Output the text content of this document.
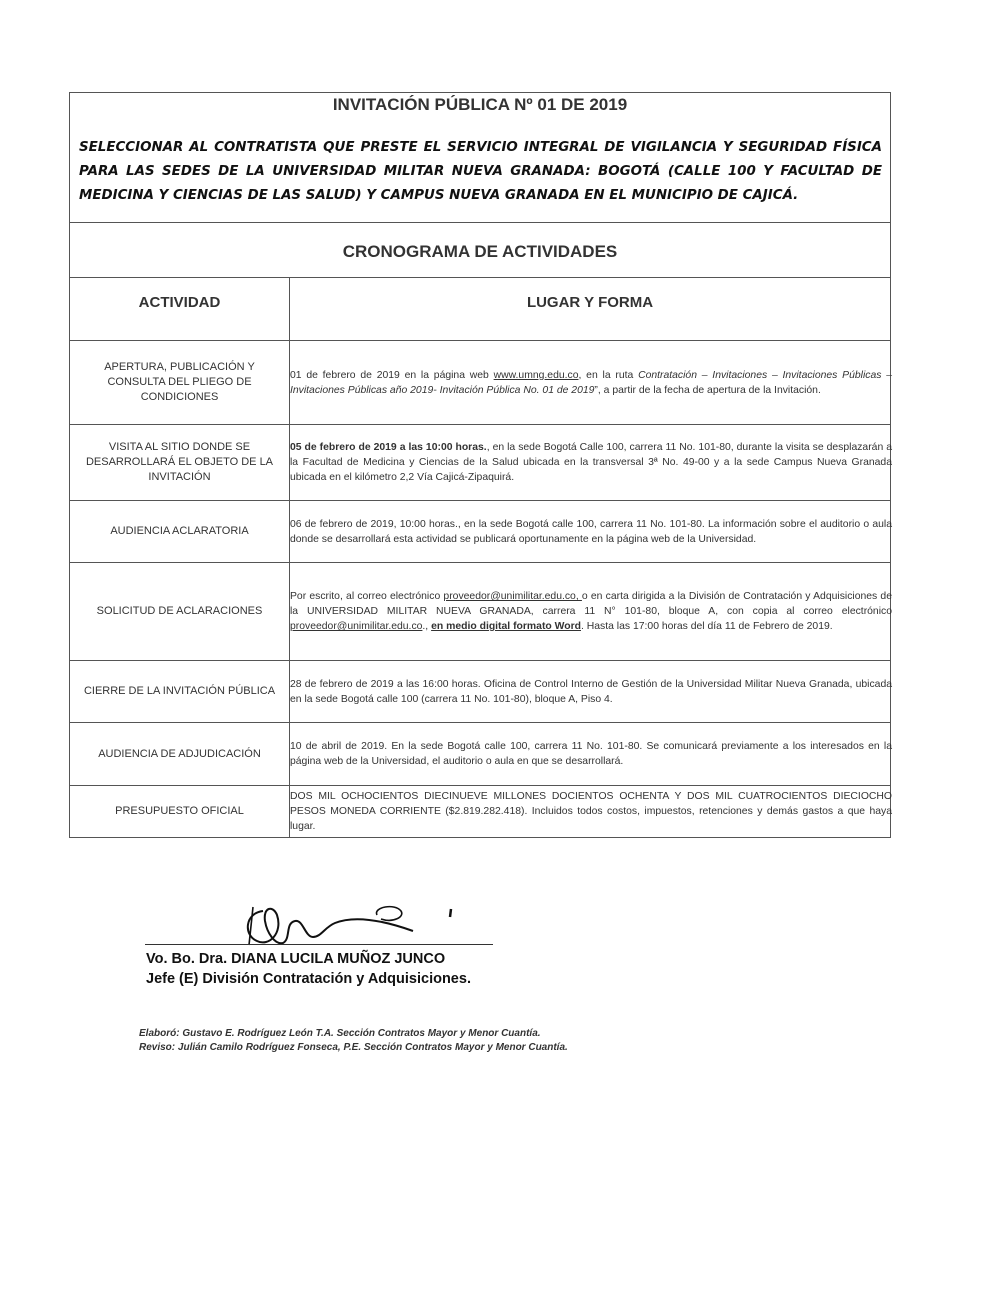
INVITACIÓN PÚBLICA Nº 01 DE 2019
SELECCIONAR AL CONTRATISTA QUE PRESTE EL SERVICIO INTEGRAL DE VIGILANCIA Y SEGURIDAD FÍSICA PARA LAS SEDES DE LA UNIVERSIDAD MILITAR NUEVA GRANADA: BOGOTÁ (CALLE 100 Y FACULTAD DE MEDICINA Y CIENCIAS DE LAS SALUD) Y CAMPUS NUEVA GRANADA EN EL MUNICIPIO DE CAJICÁ.
CRONOGRAMA DE ACTIVIDADES
ACTIVIDAD	LUGAR Y FORMA
APERTURA, PUBLICACIÓN Y CONSULTA DEL PLIEGO DE CONDICIONES
01 de febrero de 2019 en la página web www.umng.edu.co, en la ruta Contratación – Invitaciones – Invitaciones Públicas – Invitaciones Públicas año 2019- Invitación Pública No. 01 de 2019”, a partir de la fecha de apertura de la Invitación.
VISITA AL SITIO DONDE SE DESARROLLARÁ EL OBJETO DE LA INVITACIÓN
05 de febrero de 2019 a las 10:00 horas., en la sede Bogotá Calle 100, carrera 11 No. 101-80, durante la visita se desplazarán a la Facultad de Medicina y Ciencias de la Salud ubicada en la transversal 3ª No. 49-00 y a la sede Campus Nueva Granada ubicada en el kilómetro 2,2 Vía Cajicá-Zipaquirá.
AUDIENCIA ACLARATORIA
06 de febrero de 2019, 10:00 horas., en la sede Bogotá calle 100, carrera 11 No. 101-80. La información sobre el auditorio o aula donde se desarrollará esta actividad se publicará oportunamente en la página web de la Universidad.
SOLICITUD DE ACLARACIONES
Por escrito, al correo electrónico proveedor@unimilitar.edu.co, o en carta dirigida a la División de Contratación y Adquisiciones de la UNIVERSIDAD MILITAR NUEVA GRANADA, carrera 11 N° 101-80, bloque A, con copia al correo electrónico proveedor@unimilitar.edu.co., en medio digital formato Word. Hasta las 17:00 horas del día 11 de Febrero de 2019.
CIERRE DE LA INVITACIÓN PÚBLICA
28 de febrero de 2019 a las 16:00 horas. Oficina de Control Interno de Gestión de la Universidad Militar Nueva Granada, ubicada en la sede Bogotá calle 100 (carrera 11 No. 101-80), bloque A, Piso 4.
AUDIENCIA DE ADJUDICACIÓN
10 de abril de 2019. En la sede Bogotá calle 100, carrera 11 No. 101-80. Se comunicará previamente a los interesados en la página web de la Universidad, el auditorio o aula en que se desarrollará.
PRESUPUESTO OFICIAL
DOS MIL OCHOCIENTOS DIECINUEVE MILLONES DOCIENTOS OCHENTA Y DOS MIL CUATROCIENTOS DIECIOCHO PESOS MONEDA CORRIENTE ($2.819.282.418). Incluidos todos costos, impuestos, retenciones y demás gastos a que haya lugar.
Vo. Bo. Dra. DIANA LUCILA MUÑOZ JUNCO
Jefe (E) División Contratación y Adquisiciones.
Elaboró: Gustavo E. Rodríguez León T.A. Sección Contratos Mayor y Menor Cuantía.
Reviso: Julián Camilo Rodríguez Fonseca, P.E. Sección Contratos Mayor y Menor Cuantía.
